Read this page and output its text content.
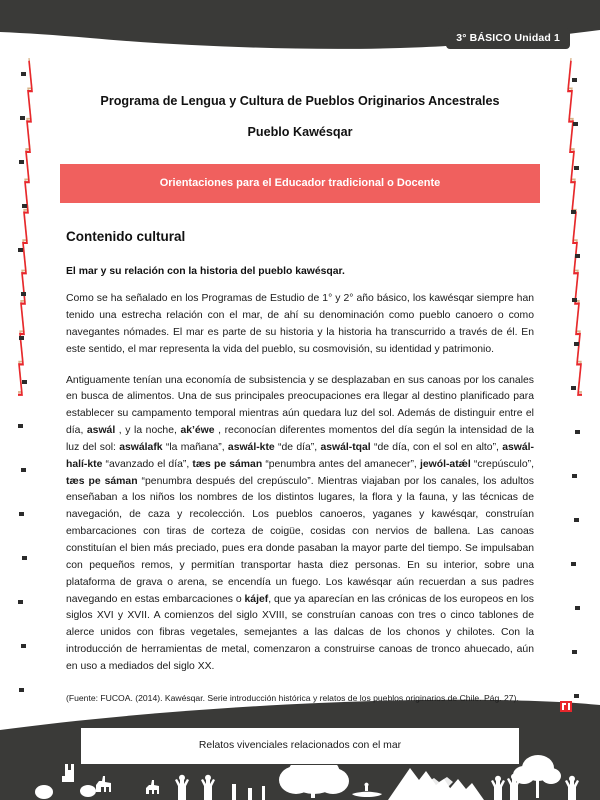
3° BÁSICO Unidad 1
Programa de Lengua y Cultura de Pueblos Originarios Ancestrales
Pueblo Kawésqar
Orientaciones para el Educador tradicional o Docente
Contenido cultural
El mar y su relación con la historia del pueblo kawésqar.

Como se ha señalado en los Programas de Estudio de 1° y 2° año básico, los kawésqar siempre han tenido una estrecha relación con el mar, de ahí su denominación como pueblo canoero o como navegantes nómades. El mar es parte de su historia y la historia ha transcurrido a través de él. En este sentido, el mar representa la vida del pueblo, su cosmovisión, su identidad y patrimonio.

Antiguamente tenían una economía de subsistencia y se desplazaban en sus canoas por los canales en busca de alimentos. Una de sus principales preocupaciones era llegar al destino planificado para establecer su campamento temporal mientras aún quedara luz del sol. Además de distinguir entre el día, aswál , y la noche, ak’éwe , reconocían diferentes momentos del día según la intensidad de la luz del sol: aswálafk “la mañana”, aswál-kte “de día”, aswál-tqal “de día, con el sol en alto”, aswál-halí-kte “avanzado el día”, tæs pe sáman “penumbra antes del amanecer”, jewól-atǽl “crepúsculo”, tæs pe sáman “penumbra después del crepúsculo”. Mientras viajaban por los canales, los adultos enseñaban a los niños los nombres de los distintos lugares, la flora y la fauna, y las técnicas de navegación, de caza y recolección. Los pueblos canoeros, yaganes y kawésqar, construían embarcaciones con tiras de corteza de coigüe, cosidas con nervios de ballena. Las canoas constituían el bien más preciado, pues era donde pasaban la mayor parte del tiempo. Se impulsaban con pequeños remos, y permitían transportar hasta diez personas. En su interior, sobre una plataforma de grava o arena, se encendía un fuego. Los kawésqar aún recuerdan a sus padres navegando en estas embarcaciones o kájef, que ya aparecían en las crónicas de los europeos en los siglos XVI y XVII. A comienzos del siglo XVIII, se construían canoas con tres o cinco tablones de alerce unidos con fibras vegetales, semejantes a las dalcas de los chonos y chilotes. Con la introducción de herramientas de metal, comenzaron a construirse canoas de tronco ahuecado, aún en uso a mediados del siglo XX.

(Fuente: FUCOA. (2014). Kawésqar. Serie introducción histórica y relatos de los pueblos originarios de Chile. Pág. 27).

Relatos vivenciales relacionados con el mar
